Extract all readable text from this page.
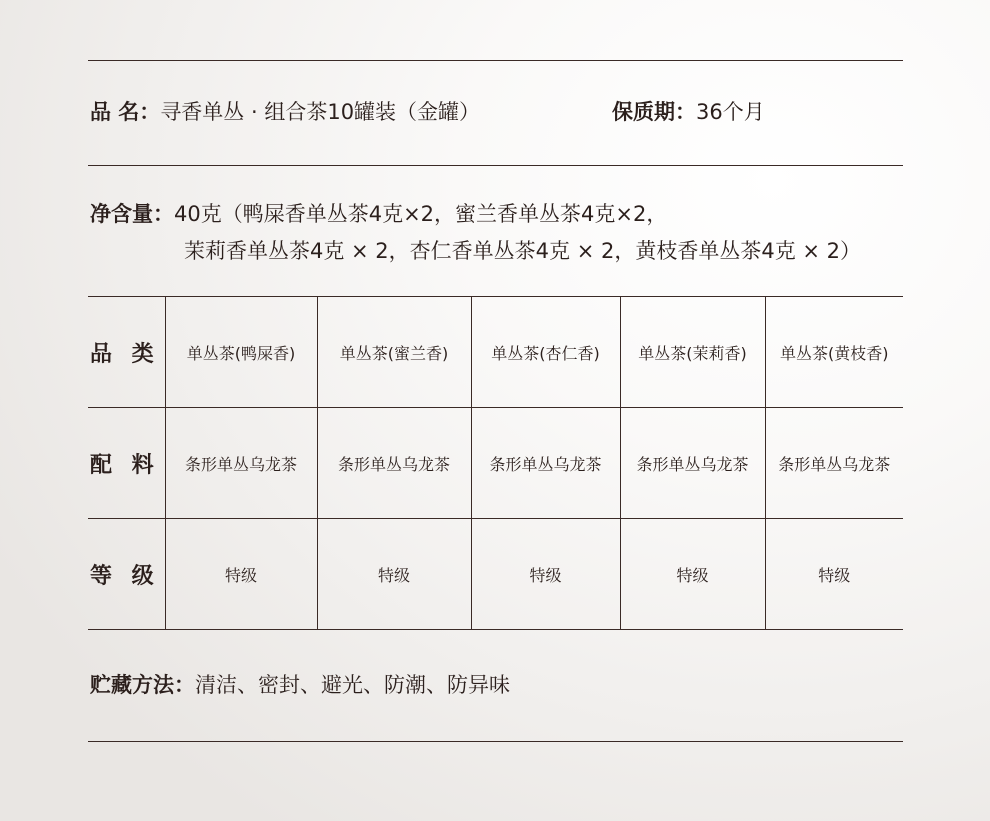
品 名：寻香单丛 · 组合茶10罐装（金罐）	保质期：36个月
净含量：40克（鸭屎香单丛茶4克×2，蜜兰香单丛茶4克×2，
茉莉香单丛茶4克 × 2，杏仁香单丛茶4克 × 2，黄枝香单丛茶4克 × 2）
品 类	单丛茶(鸭屎香)	单丛茶(蜜兰香)	单丛茶(杏仁香)	单丛茶(茉莉香)	单丛茶(黄枝香)
配 料	条形单丛乌龙茶	条形单丛乌龙茶	条形单丛乌龙茶	条形单丛乌龙茶	条形单丛乌龙茶
等 级	特级	特级	特级	特级	特级
贮藏方法：清洁、密封、避光、防潮、防异味
